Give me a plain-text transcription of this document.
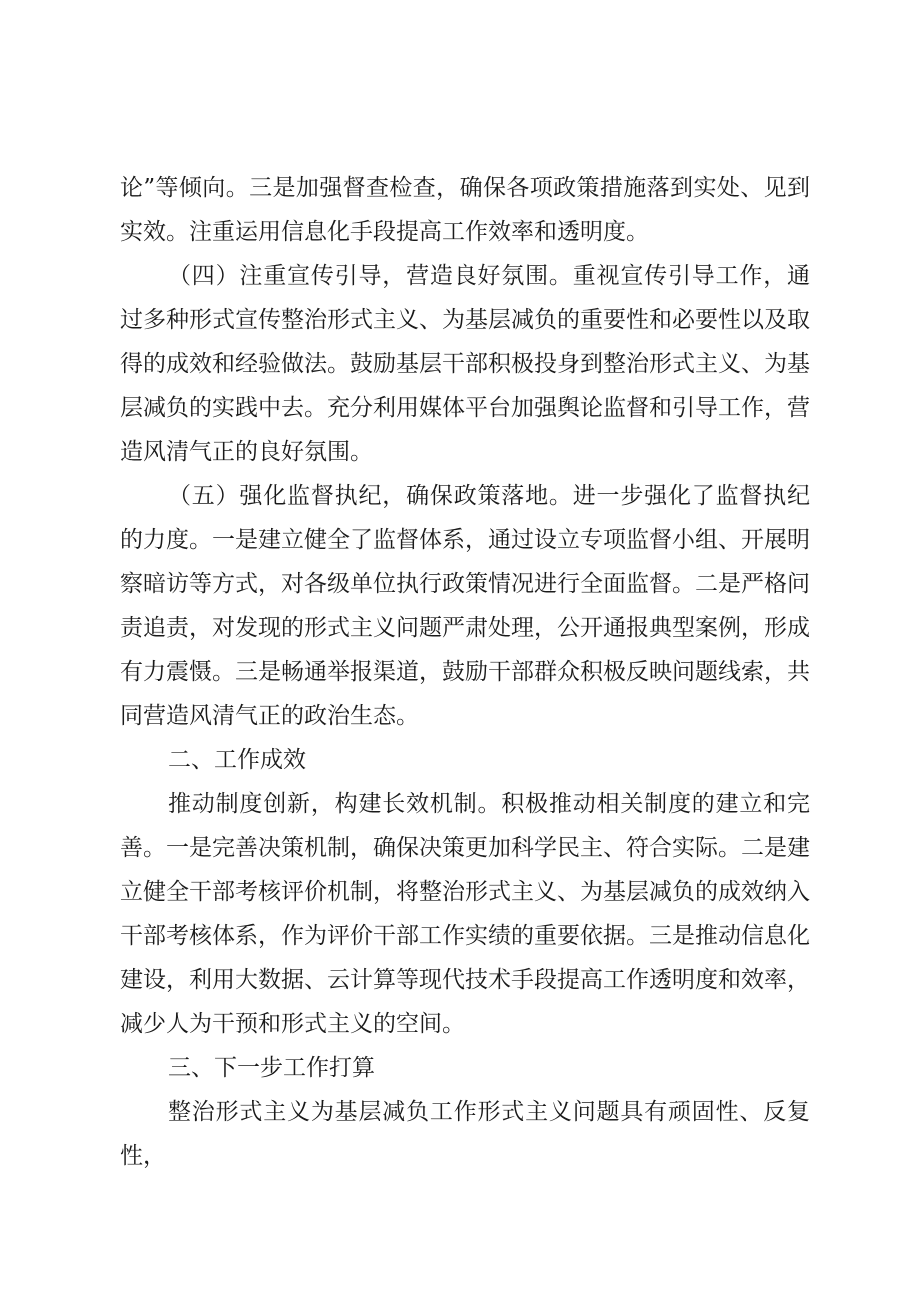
论”等倾向。三是加强督查检查，确保各项政策措施落到实处、见到实效。注重运用信息化手段提高工作效率和透明度。

（四）注重宣传引导，营造良好氛围。重视宣传引导工作，通过多种形式宣传整治形式主义、为基层减负的重要性和必要性以及取得的成效和经验做法。鼓励基层干部积极投身到整治形式主义、为基层减负的实践中去。充分利用媒体平台加强舆论监督和引导工作，营造风清气正的良好氛围。

（五）强化监督执纪，确保政策落地。进一步强化了监督执纪的力度。一是建立健全了监督体系，通过设立专项监督小组、开展明察暗访等方式，对各级单位执行政策情况进行全面监督。二是严格问责追责，对发现的形式主义问题严肃处理，公开通报典型案例，形成有力震慑。三是畅通举报渠道，鼓励干部群众积极反映问题线索，共同营造风清气正的政治生态。

二、工作成效

推动制度创新，构建长效机制。积极推动相关制度的建立和完善。一是完善决策机制，确保决策更加科学民主、符合实际。二是建立健全干部考核评价机制，将整治形式主义、为基层减负的成效纳入干部考核体系，作为评价干部工作实绩的重要依据。三是推动信息化建设，利用大数据、云计算等现代技术手段提高工作透明度和效率，减少人为干预和形式主义的空间。

三、下一步工作打算

整治形式主义为基层减负工作形式主义问题具有顽固性、反复性，
